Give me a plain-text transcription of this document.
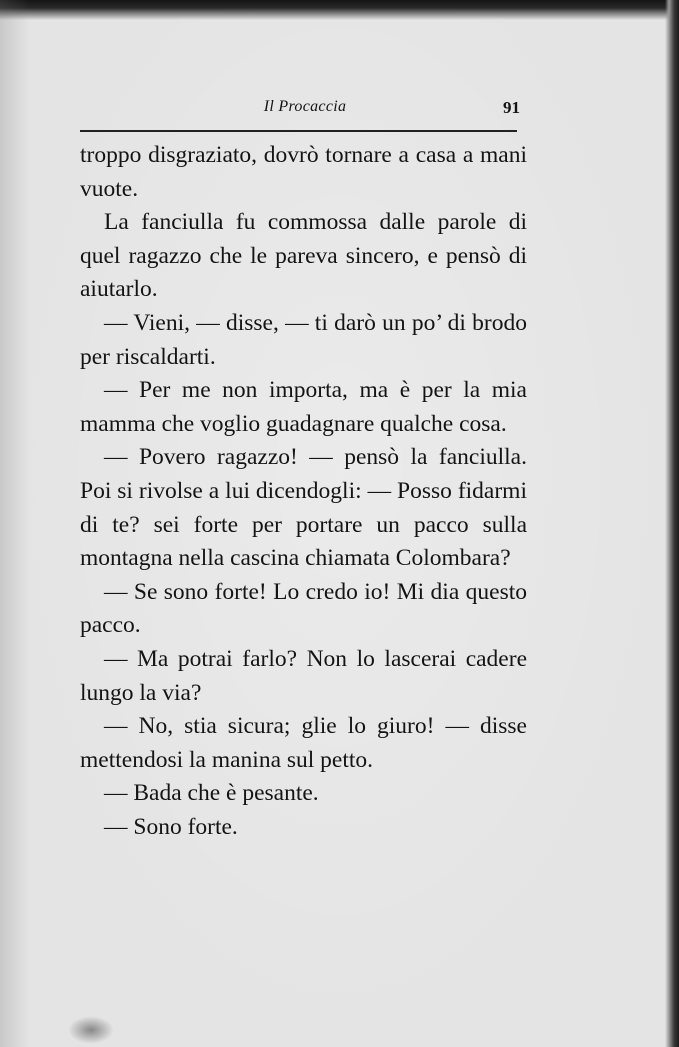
Il Procaccia	91

troppo disgraziato, dovrò tornare a casa a mani vuote.

La fanciulla fu commossa dalle parole di quel ragazzo che le pareva sincero, e pensò di aiutarlo.

— Vieni, — disse, — ti darò un po’ di brodo per riscaldarti.

— Per me non importa, ma è per la mia mamma che voglio guadagnare qualche cosa.

— Povero ragazzo! — pensò la fanciulla. Poi si rivolse a lui dicendogli: — Posso fidarmi di te? sei forte per portare un pacco sulla montagna nella cascina chiamata Colombara?

— Se sono forte! Lo credo io! Mi dia questo pacco.

— Ma potrai farlo? Non lo lascerai cadere lungo la via?

— No, stia sicura; glie lo giuro! — disse mettendosi la manina sul petto.

— Bada che è pesante.

— Sono forte.
